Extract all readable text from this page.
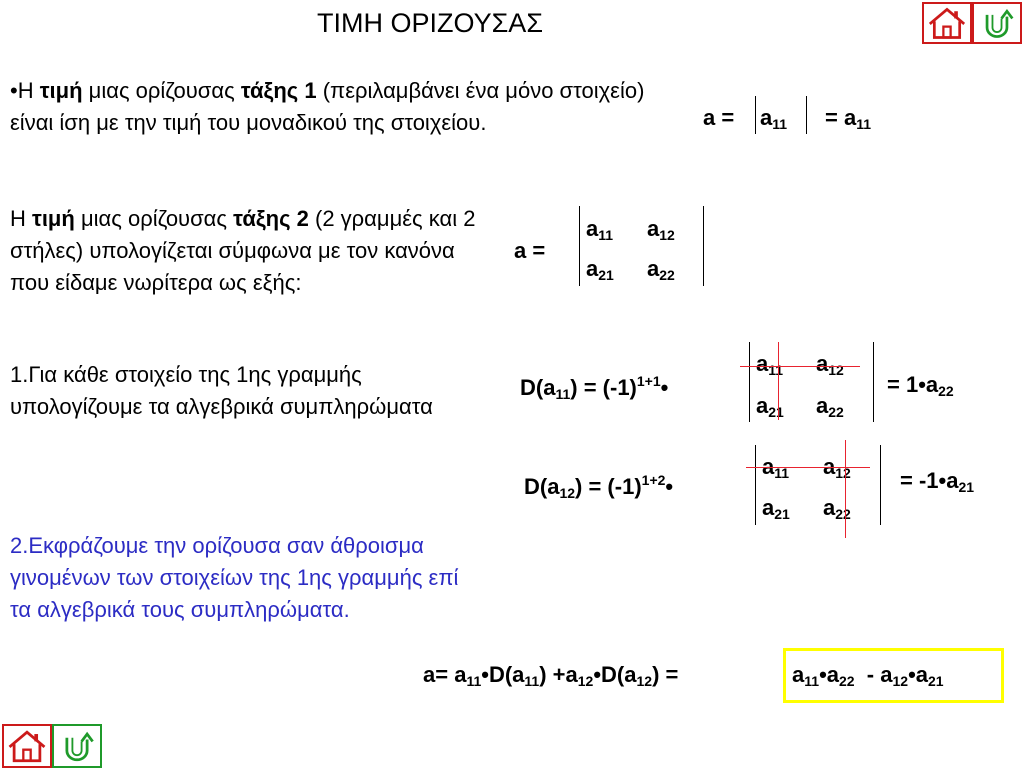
ΤΙΜΗ ΟΡΙΖΟΥΣΑΣ
•Η τιμή μιας ορίζουσας τάξης 1 (περιλαμβάνει ένα μόνο στοιχείο) είναι ίση με την τιμή του μοναδικού της στοιχείου.
Η τιμή μιας ορίζουσας τάξης 2 (2 γραμμές και 2 στήλες) υπολογίζεται σύμφωνα με τον κανόνα που είδαμε νωρίτερα ως εξής:
1.Για κάθε στοιχείο της 1ης γραμμής υπολογίζουμε τα αλγεβρικά συμπληρώματα
2.Εκφράζουμε την ορίζουσα σαν άθροισμα γινομένων των στοιχείων της 1ης γραμμής επί τα αλγεβρικά τους συμπληρώματα.
$a = a_{11} = a_{11}$
a =
$a_{11}$ $a_{12}$
$a_{21}$ $a_{22}$
$D(a_{11})$ = $(-1)^{1+1}•$
$a_{11}$ $a_{12}$
$a_{21}$ $a_{22}$
= $1•a_{22}$
$D(a_{12})$ = $(-1)^{1+2}•$
$a_{11}$ $a_{12}$
$a_{21}$ $a_{22}$
= $-1•a_{21}$
$a= a_{11}•D(a_{11})$ $+a_{12}•D(a_{12})$ =	$a_{11}•a_{22}$  - $a_{12}•a_{21}$
